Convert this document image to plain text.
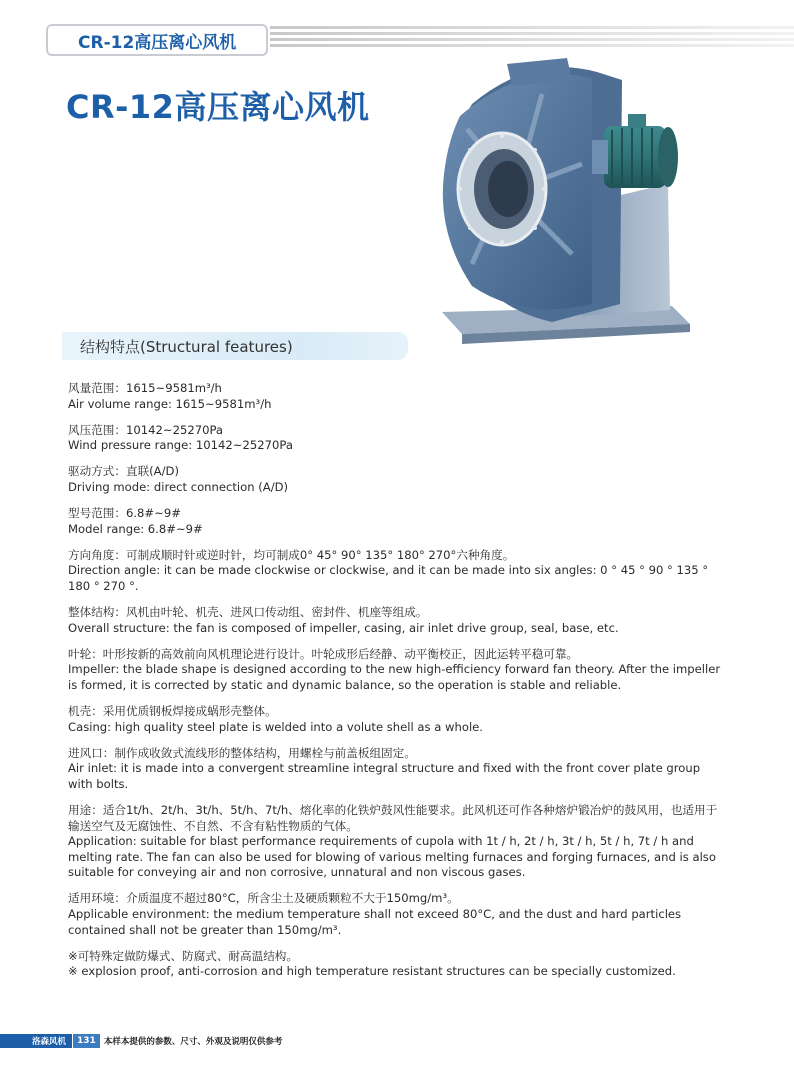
CR-12高压离心风机
CR-12高压离心风机
结构特点(Structural features)
风量范围：1615~9581m³/h
Air volume range: 1615~9581m³/h
风压范围：10142~25270Pa
Wind pressure range: 10142~25270Pa
驱动方式：直联(A/D)
Driving mode: direct connection (A/D)
型号范围：6.8#~9#
Model range: 6.8#~9#
方向角度：可制成顺时针或逆时针，均可制成0° 45° 90° 135° 180° 270°六种角度。
Direction angle: it can be made clockwise or clockwise, and it can be made into six angles: 0 ° 45 ° 90 ° 135 ° 180 ° 270 °.
整体结构：风机由叶轮、机壳、进风口传动组、密封件、机座等组成。
Overall structure: the fan is composed of impeller, casing, air inlet drive group, seal, base, etc.
叶轮：叶形按新的高效前向风机理论进行设计。叶轮成形后经静、动平衡校正，因此运转平稳可靠。
Impeller: the blade shape is designed according to the new high-efficiency forward fan theory. After the impeller is formed, it is corrected by static and dynamic balance, so the operation is stable and reliable.
机壳：采用优质钢板焊接成蜗形壳整体。
Casing: high quality steel plate is welded into a volute shell as a whole.
进风口：制作成收敛式流线形的整体结构，用螺栓与前盖板组固定。
Air inlet: it is made into a convergent streamline integral structure and fixed with the front cover plate group with bolts.
用途：适合1t/h、2t/h、3t/h、5t/h、7t/h、熔化率的化铁炉鼓风性能要求。此风机还可作各种熔炉锻冶炉的鼓风用，也适用于输送空气及无腐蚀性、不自然、不含有粘性物质的气体。
Application: suitable for blast performance requirements of cupola with 1t / h, 2t / h, 3t / h, 5t / h, 7t / h and melting rate. The fan can also be used for blowing of various melting furnaces and forging furnaces, and is also suitable for conveying air and non corrosive, unnatural and non viscous gases.
适用环境：介质温度不超过80°C，所含尘土及硬质颗粒不大于150mg/m³。
Applicable environment: the medium temperature shall not exceed 80°C, and the dust and hard particles contained shall not be greater than 150mg/m³.
※可特殊定做防爆式、防腐式、耐高温结构。
※ explosion proof, anti-corrosion and high temperature resistant structures can be specially customized.
洛森风机	131 本样本提供的参数、尺寸、外观及说明仅供参考
